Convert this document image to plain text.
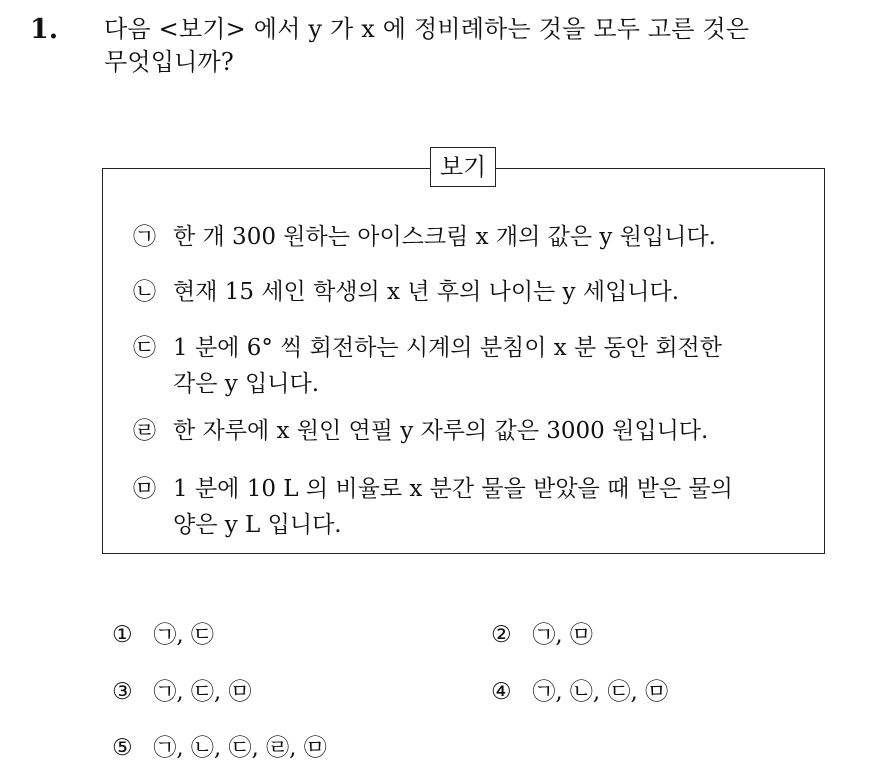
1. 다음 <보기> 에서 y 가 x 에 정비례하는 것을 모두 고른 것은
무엇입니까?
보기
㉠ 한 개 300 원하는 아이스크림 x 개의 값은 y 원입니다.
㉡ 현재 15 세인 학생의 x 년 후의 나이는 y 세입니다.
㉢ 1 분에 6° 씩 회전하는 시계의 분침이 x 분 동안 회전한
각은 y 입니다.
㉣ 한 자루에 x 원인 연필 y 자루의 값은 3000 원입니다.
㉤ 1 분에 10 L 의 비율로 x 분간 물을 받았을 때 받은 물의
양은 y L 입니다.
① ㉠, ㉢	② ㉠, ㉤
③ ㉠, ㉢, ㉤	④ ㉠, ㉡, ㉢, ㉤
⑤ ㉠, ㉡, ㉢, ㉣, ㉤
